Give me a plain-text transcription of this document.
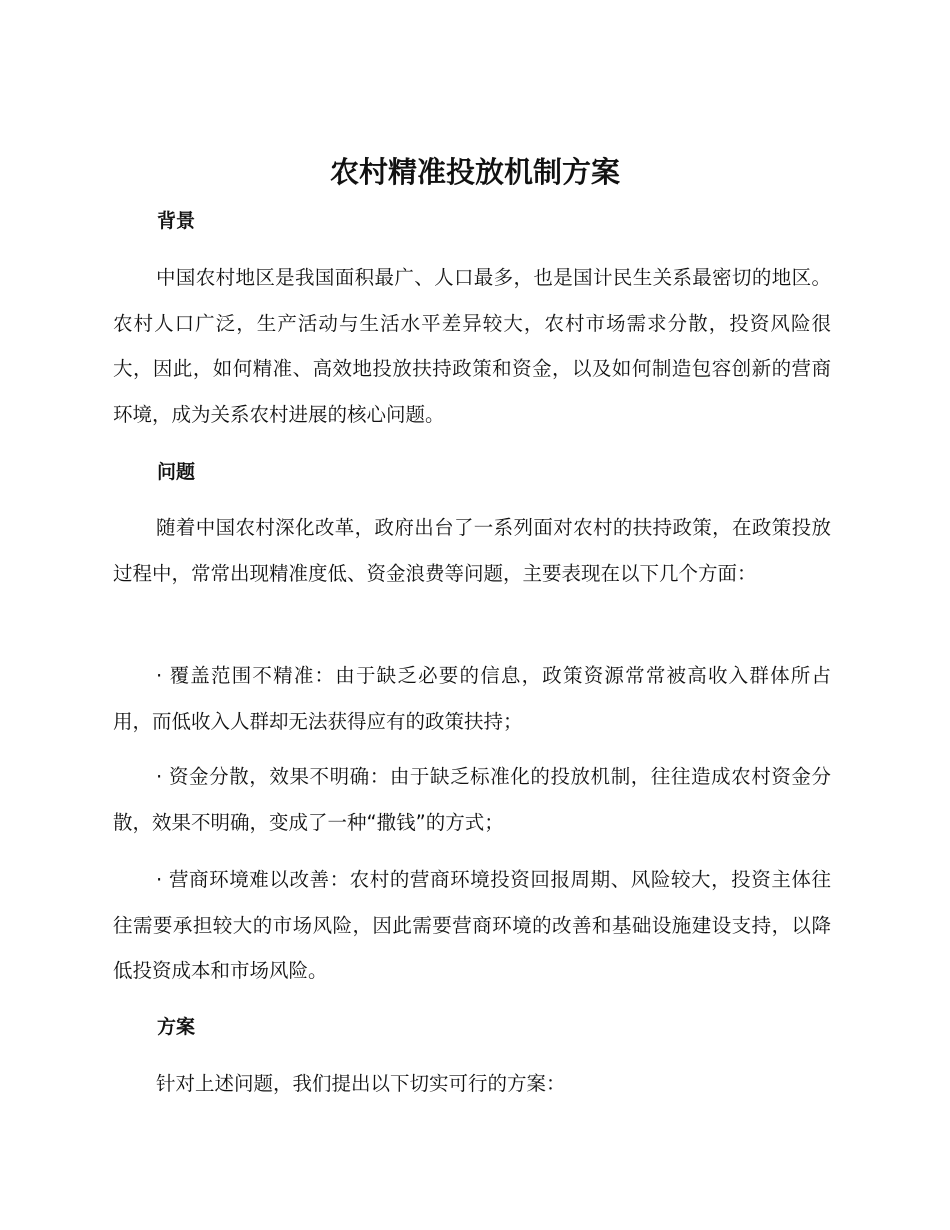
农村精准投放机制方案
背景

中国农村地区是我国面积最广、人口最多，也是国计民生关系最密切的地区。农村人口广泛，生产活动与生活水平差异较大，农村市场需求分散，投资风险很大，因此，如何精准、高效地投放扶持政策和资金，以及如何制造包容创新的营商环境，成为关系农村进展的核心问题。

问题

随着中国农村深化改革，政府出台了一系列面对农村的扶持政策，在政策投放过程中，常常出现精准度低、资金浪费等问题，主要表现在以下几个方面：

· 覆盖范围不精准：由于缺乏必要的信息，政策资源常常被高收入群体所占用，而低收入人群却无法获得应有的政策扶持；

· 资金分散，效果不明确：由于缺乏标准化的投放机制，往往造成农村资金分散，效果不明确，变成了一种“撒钱”的方式；

· 营商环境难以改善：农村的营商环境投资回报周期、风险较大，投资主体往往需要承担较大的市场风险，因此需要营商环境的改善和基础设施建设支持，以降低投资成本和市场风险。

方案

针对上述问题，我们提出以下切实可行的方案：
